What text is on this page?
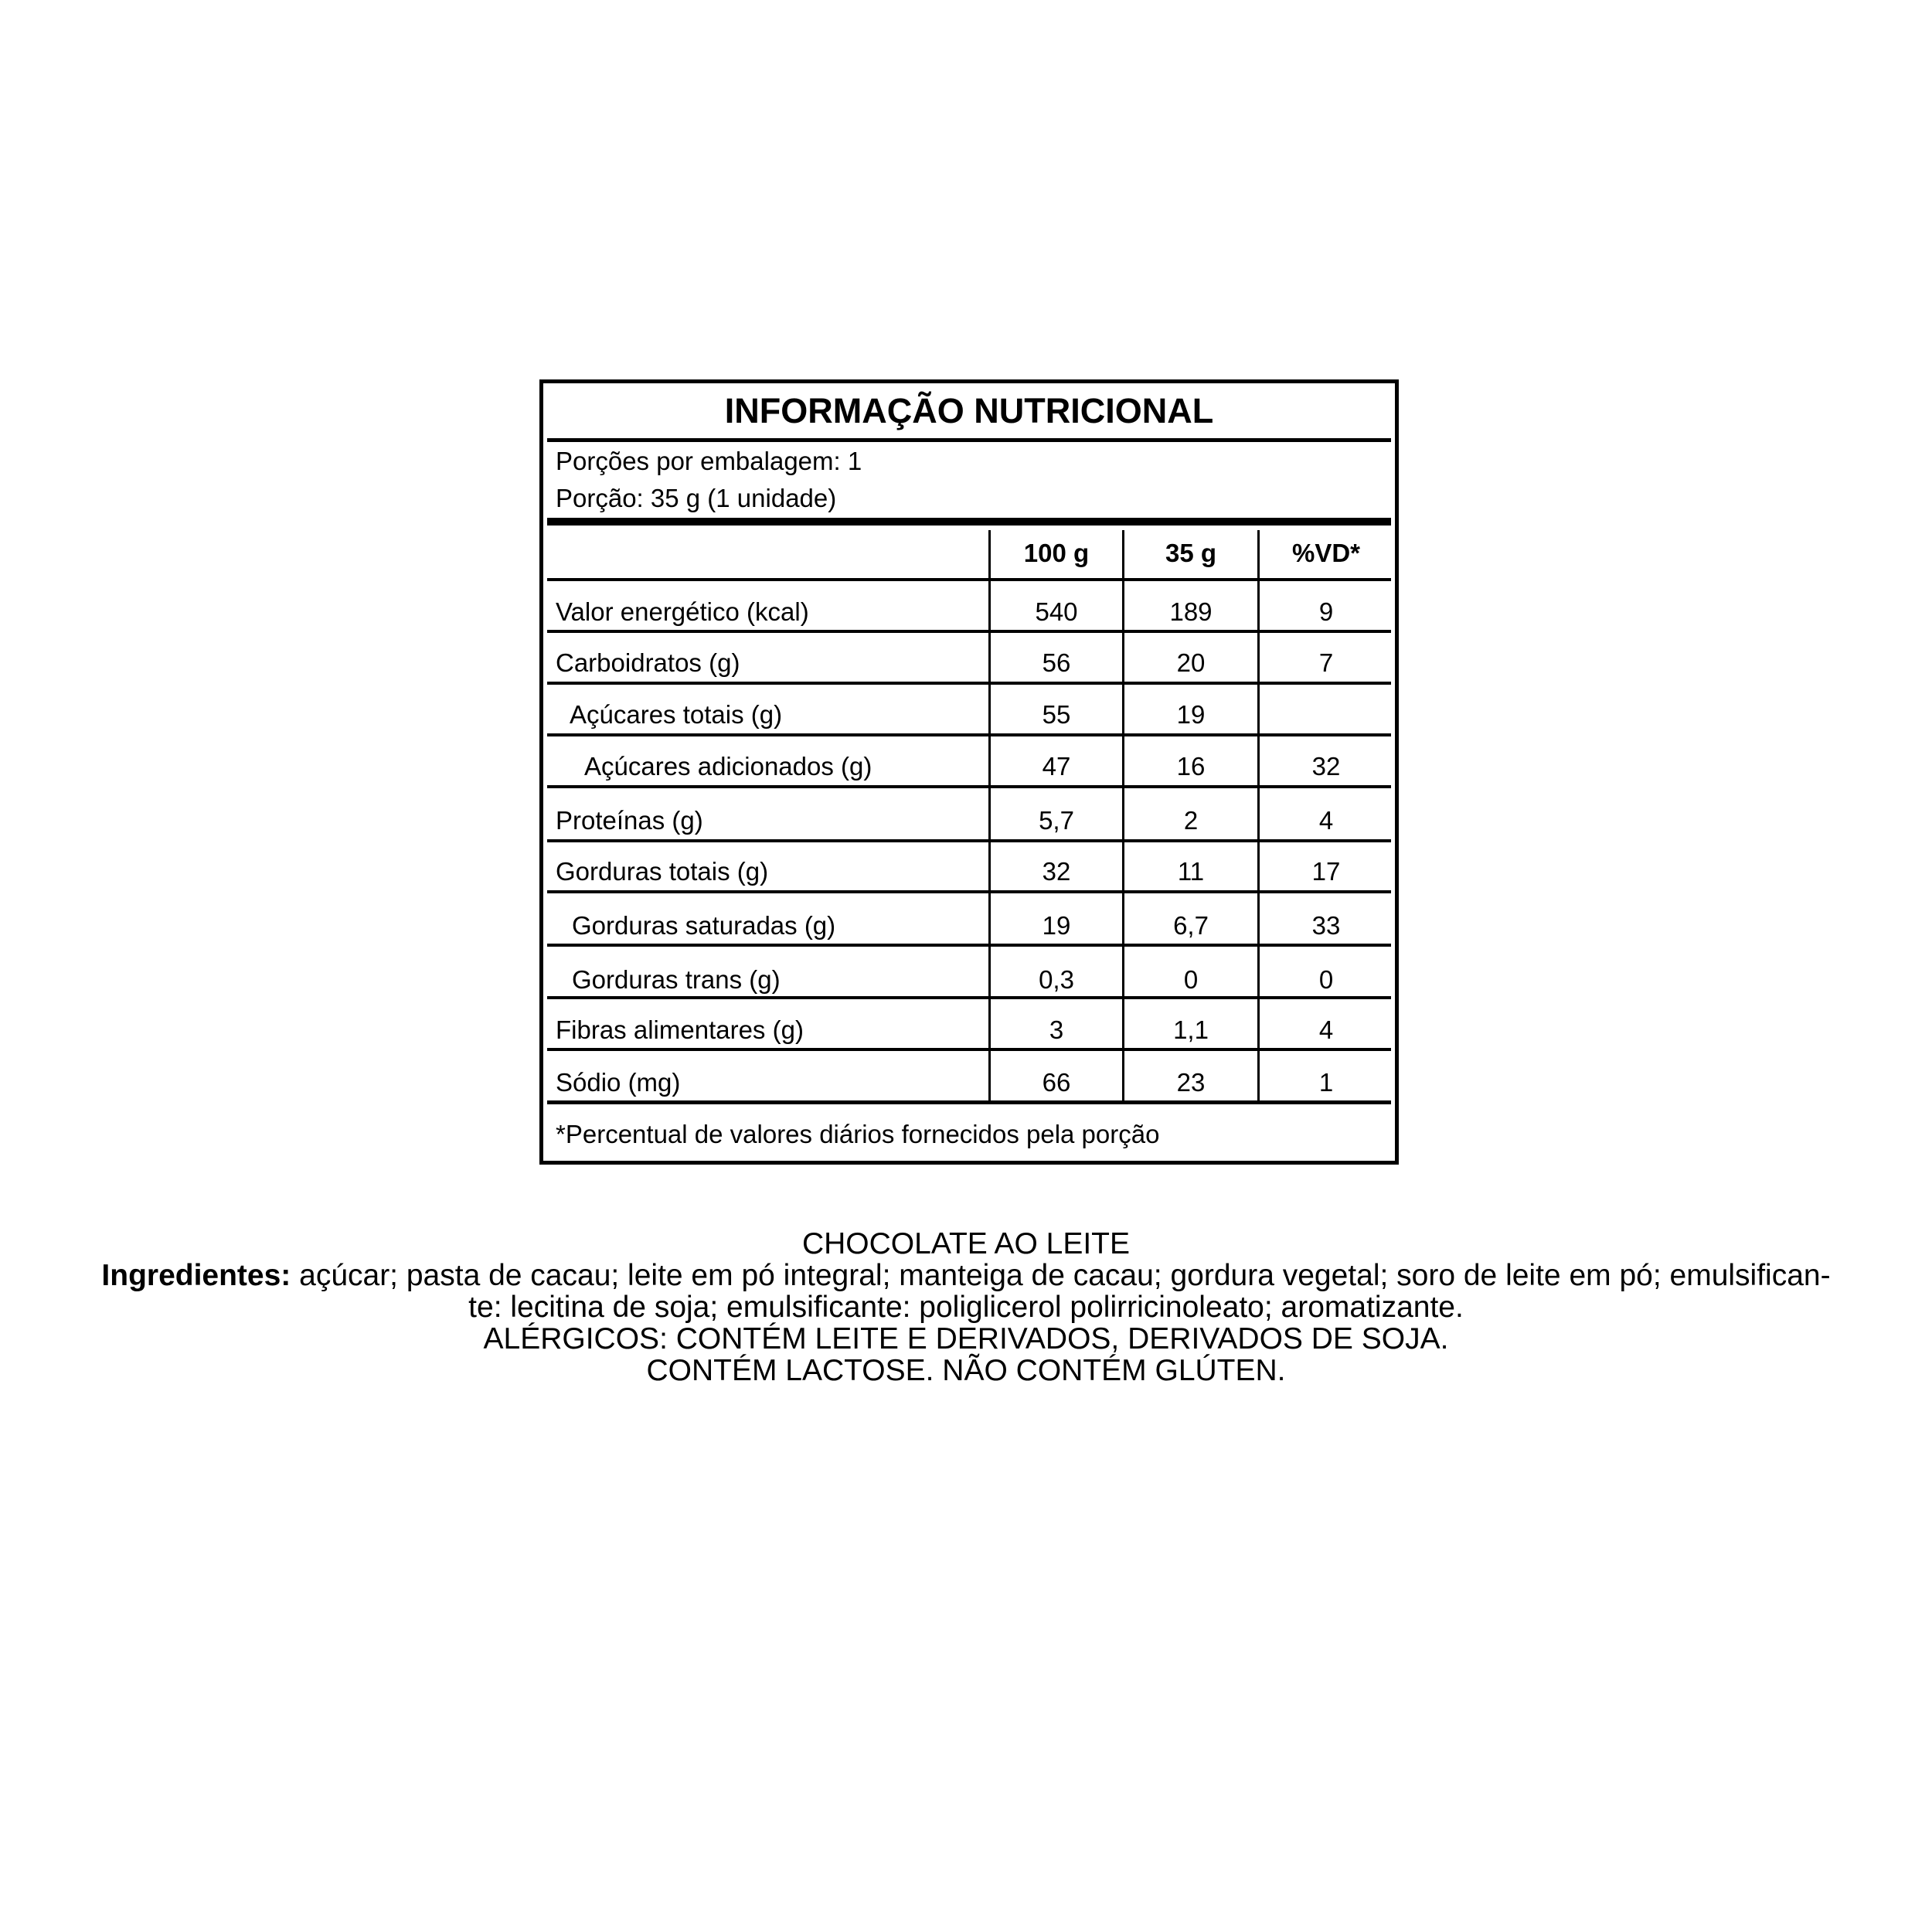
INFORMAÇÃO NUTRICIONAL
Porções por embalagem: 1
Porção: 35 g (1 unidade)
100 g	35 g	%VD*
Valor energético (kcal)	540	189	9
Carboidratos (g)	56	20	7
Açúcares totais (g)	55	19
Açúcares adicionados (g)	47	16	32
Proteínas (g)	5,7	2	4
Gorduras totais (g)	32	11	17
Gorduras saturadas (g)	19	6,7	33
Gorduras trans (g)	0,3	0	0
Fibras alimentares (g)	3	1,1	4
Sódio (mg)	66	23	1
*Percentual de valores diários fornecidos pela porção
CHOCOLATE AO LEITE
Ingredientes: açúcar; pasta de cacau; leite em pó integral; manteiga de cacau; gordura vegetal; soro de leite em pó; emulsifican-
te: lecitina de soja; emulsificante: poliglicerol polirricinoleato; aromatizante.
ALÉRGICOS: CONTÉM LEITE E DERIVADOS, DERIVADOS DE SOJA.
CONTÉM LACTOSE. NÃO CONTÉM GLÚTEN.
